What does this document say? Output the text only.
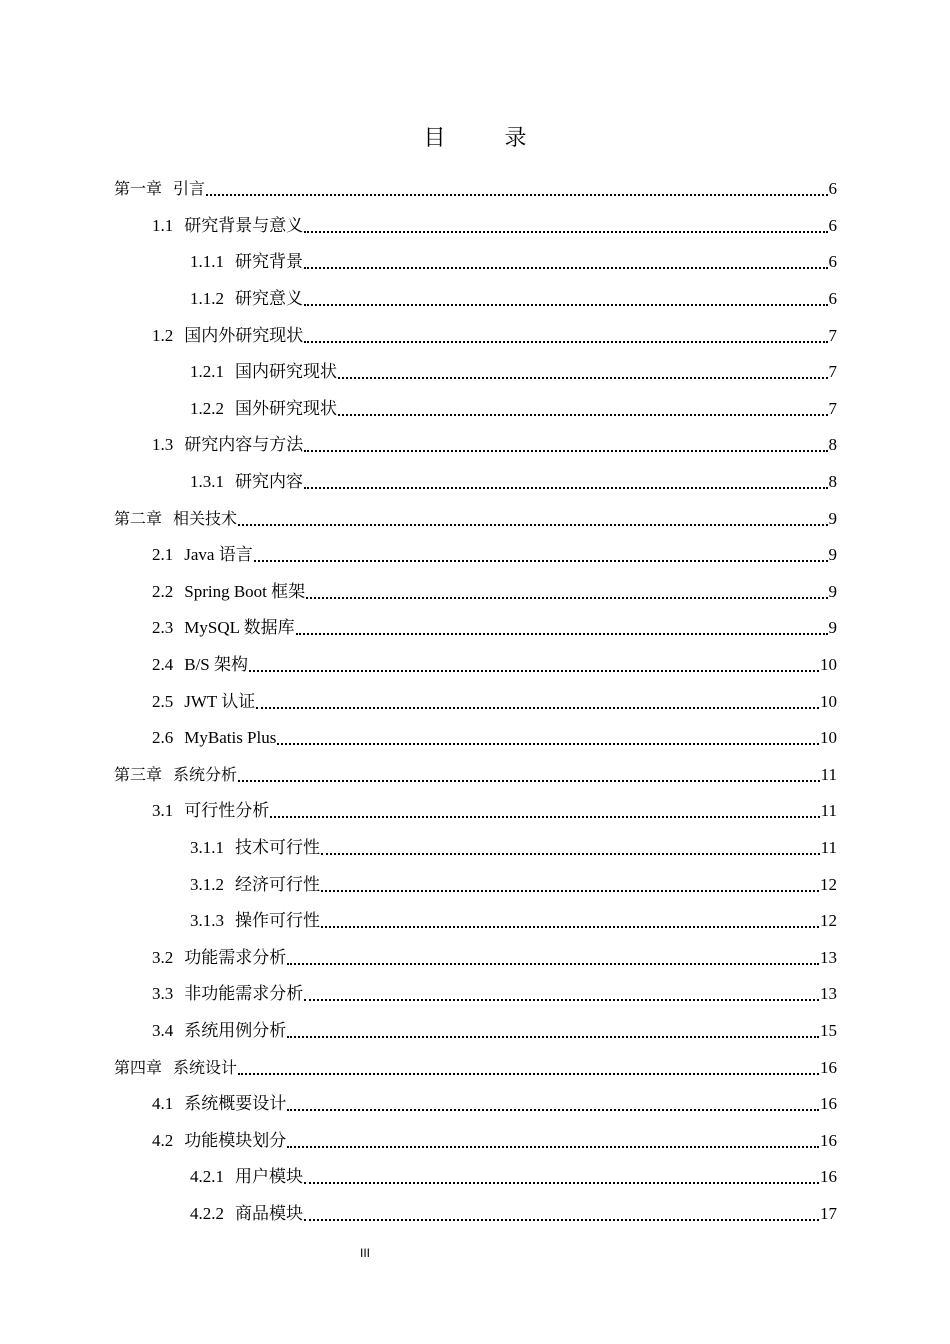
目 录
第一章 引言	6
1.1 研究背景与意义	6
1.1.1 研究背景	6
1.1.2 研究意义	6
1.2 国内外研究现状	7
1.2.1 国内研究现状	7
1.2.2 国外研究现状	7
1.3 研究内容与方法	8
1.3.1 研究内容	8
第二章 相关技术	9
2.1 Java 语言	9
2.2 Spring Boot 框架	9
2.3 MySQL 数据库	9
2.4 B/S 架构	10
2.5 JWT 认证	10
2.6 MyBatis Plus	10
第三章 系统分析	11
3.1 可行性分析	11
3.1.1 技术可行性	11
3.1.2 经济可行性	12
3.1.3 操作可行性	12
3.2 功能需求分析	13
3.3 非功能需求分析	13
3.4 系统用例分析	15
第四章 系统设计	16
4.1 系统概要设计	16
4.2 功能模块划分	16
4.2.1 用户模块	16
4.2.2 商品模块	17
III
